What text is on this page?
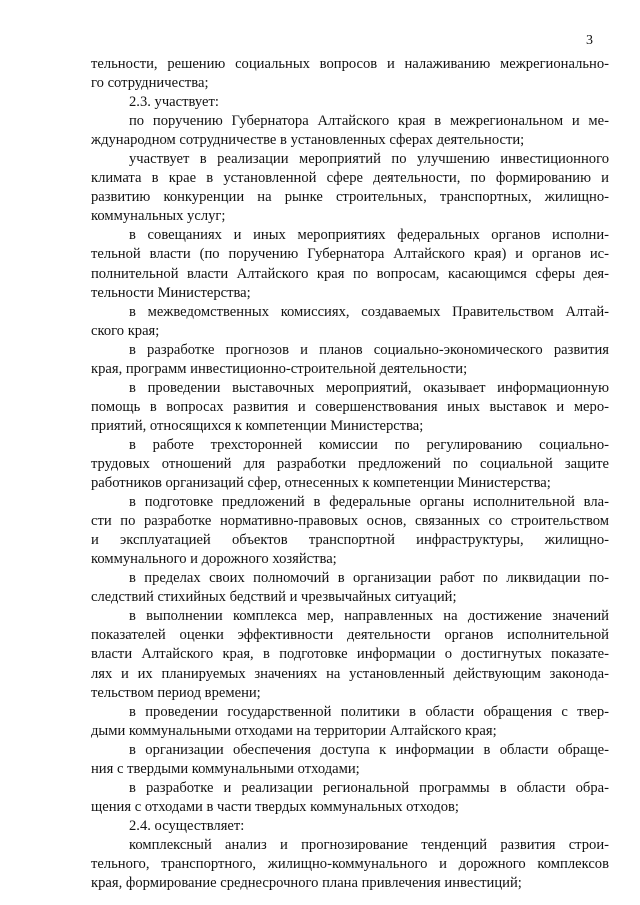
3
тельности, решению социальных вопросов и налаживанию межрегионально-
го сотрудничества;
2.3. участвует:
по поручению Губернатора Алтайского края в межрегиональном и ме-
ждународном сотрудничестве в установленных сферах деятельности;
участвует в реализации мероприятий по улучшению инвестиционного
климата в крае в установленной сфере деятельности, по формированию и
развитию конкуренции на рынке строительных, транспортных, жилищно-
коммунальных услуг;
в совещаниях и иных мероприятиях федеральных органов исполни-
тельной власти (по поручению Губернатора Алтайского края) и органов ис-
полнительной власти Алтайского края по вопросам, касающимся сферы дея-
тельности Министерства;
в межведомственных комиссиях, создаваемых Правительством Алтай-
ского края;
в разработке прогнозов и планов социально-экономического развития
края, программ инвестиционно-строительной деятельности;
в проведении выставочных мероприятий, оказывает информационную
помощь в вопросах развития и совершенствования иных выставок и меро-
приятий, относящихся к компетенции Министерства;
в работе трехсторонней комиссии по регулированию социально-
трудовых отношений для разработки предложений по социальной защите
работников организаций сфер, отнесенных к компетенции Министерства;
в подготовке предложений в федеральные органы исполнительной вла-
сти по разработке нормативно-правовых основ, связанных со строительством
и эксплуатацией объектов транспортной инфраструктуры, жилищно-
коммунального и дорожного хозяйства;
в пределах своих полномочий в организации работ по ликвидации по-
следствий стихийных бедствий и чрезвычайных ситуаций;
в выполнении комплекса мер, направленных на достижение значений
показателей оценки эффективности деятельности органов исполнительной
власти Алтайского края, в подготовке информации о достигнутых показате-
лях и их планируемых значениях на установленный действующим законода-
тельством период времени;
в проведении государственной политики в области обращения с твер-
дыми коммунальными отходами на территории Алтайского края;
в организации обеспечения доступа к информации в области обраще-
ния с твердыми коммунальными отходами;
в разработке и реализации региональной программы в области обра-
щения с отходами в части твердых коммунальных отходов;
2.4. осуществляет:
комплексный анализ и прогнозирование тенденций развития строи-
тельного, транспортного, жилищно-коммунального и дорожного комплексов
края, формирование среднесрочного плана привлечения инвестиций;
